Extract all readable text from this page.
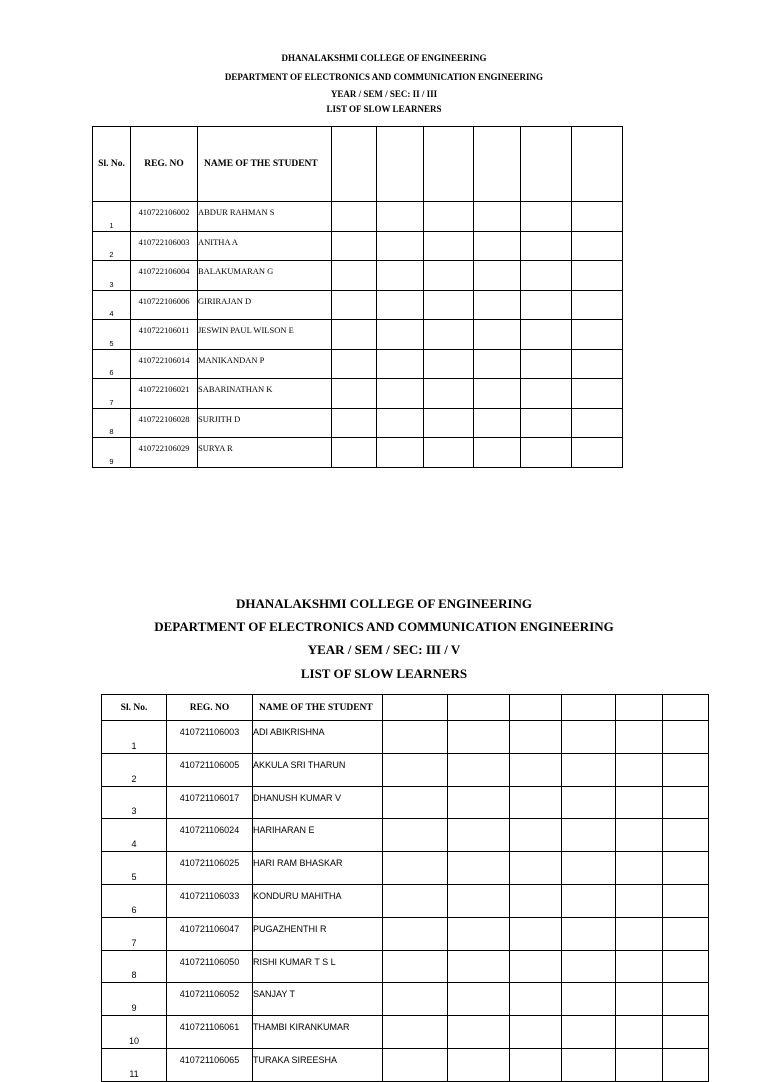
DHANALAKSHMI COLLEGE OF ENGINEERING
DEPARTMENT OF ELECTRONICS AND COMMUNICATION ENGINEERING
YEAR / SEM / SEC: II / III
LIST OF SLOW LEARNERS
Sl. No.	REG. NO	NAME OF THE STUDENT						
1	410722106002	ABDUR RAHMAN S						
2	410722106003	ANITHA A						
3	410722106004	BALAKUMARAN G						
4	410722106006	GIRIRAJAN D						
5	410722106011	JESWIN PAUL WILSON E						
6	410722106014	MANIKANDAN P						
7	410722106021	SABARINATHAN K						
8	410722106028	SURJITH D						
9	410722106029	SURYA R						
DHANALAKSHMI COLLEGE OF ENGINEERING
DEPARTMENT OF ELECTRONICS AND COMMUNICATION ENGINEERING
YEAR / SEM / SEC: III / V
LIST OF SLOW LEARNERS
Sl. No.	REG. NO	NAME OF THE STUDENT						
1	410721106003	ADI ABIKRISHNA						
2	410721106005	AKKULA SRI THARUN						
3	410721106017	DHANUSH KUMAR V						
4	410721106024	HARIHARAN E						
5	410721106025	HARI RAM BHASKAR						
6	410721106033	KONDURU MAHITHA						
7	410721106047	PUGAZHENTHI R						
8	410721106050	RISHI KUMAR T S L						
9	410721106052	SANJAY T						
10	410721106061	THAMBI KIRANKUMAR						
11	410721106065	TURAKA SIREESHA						
